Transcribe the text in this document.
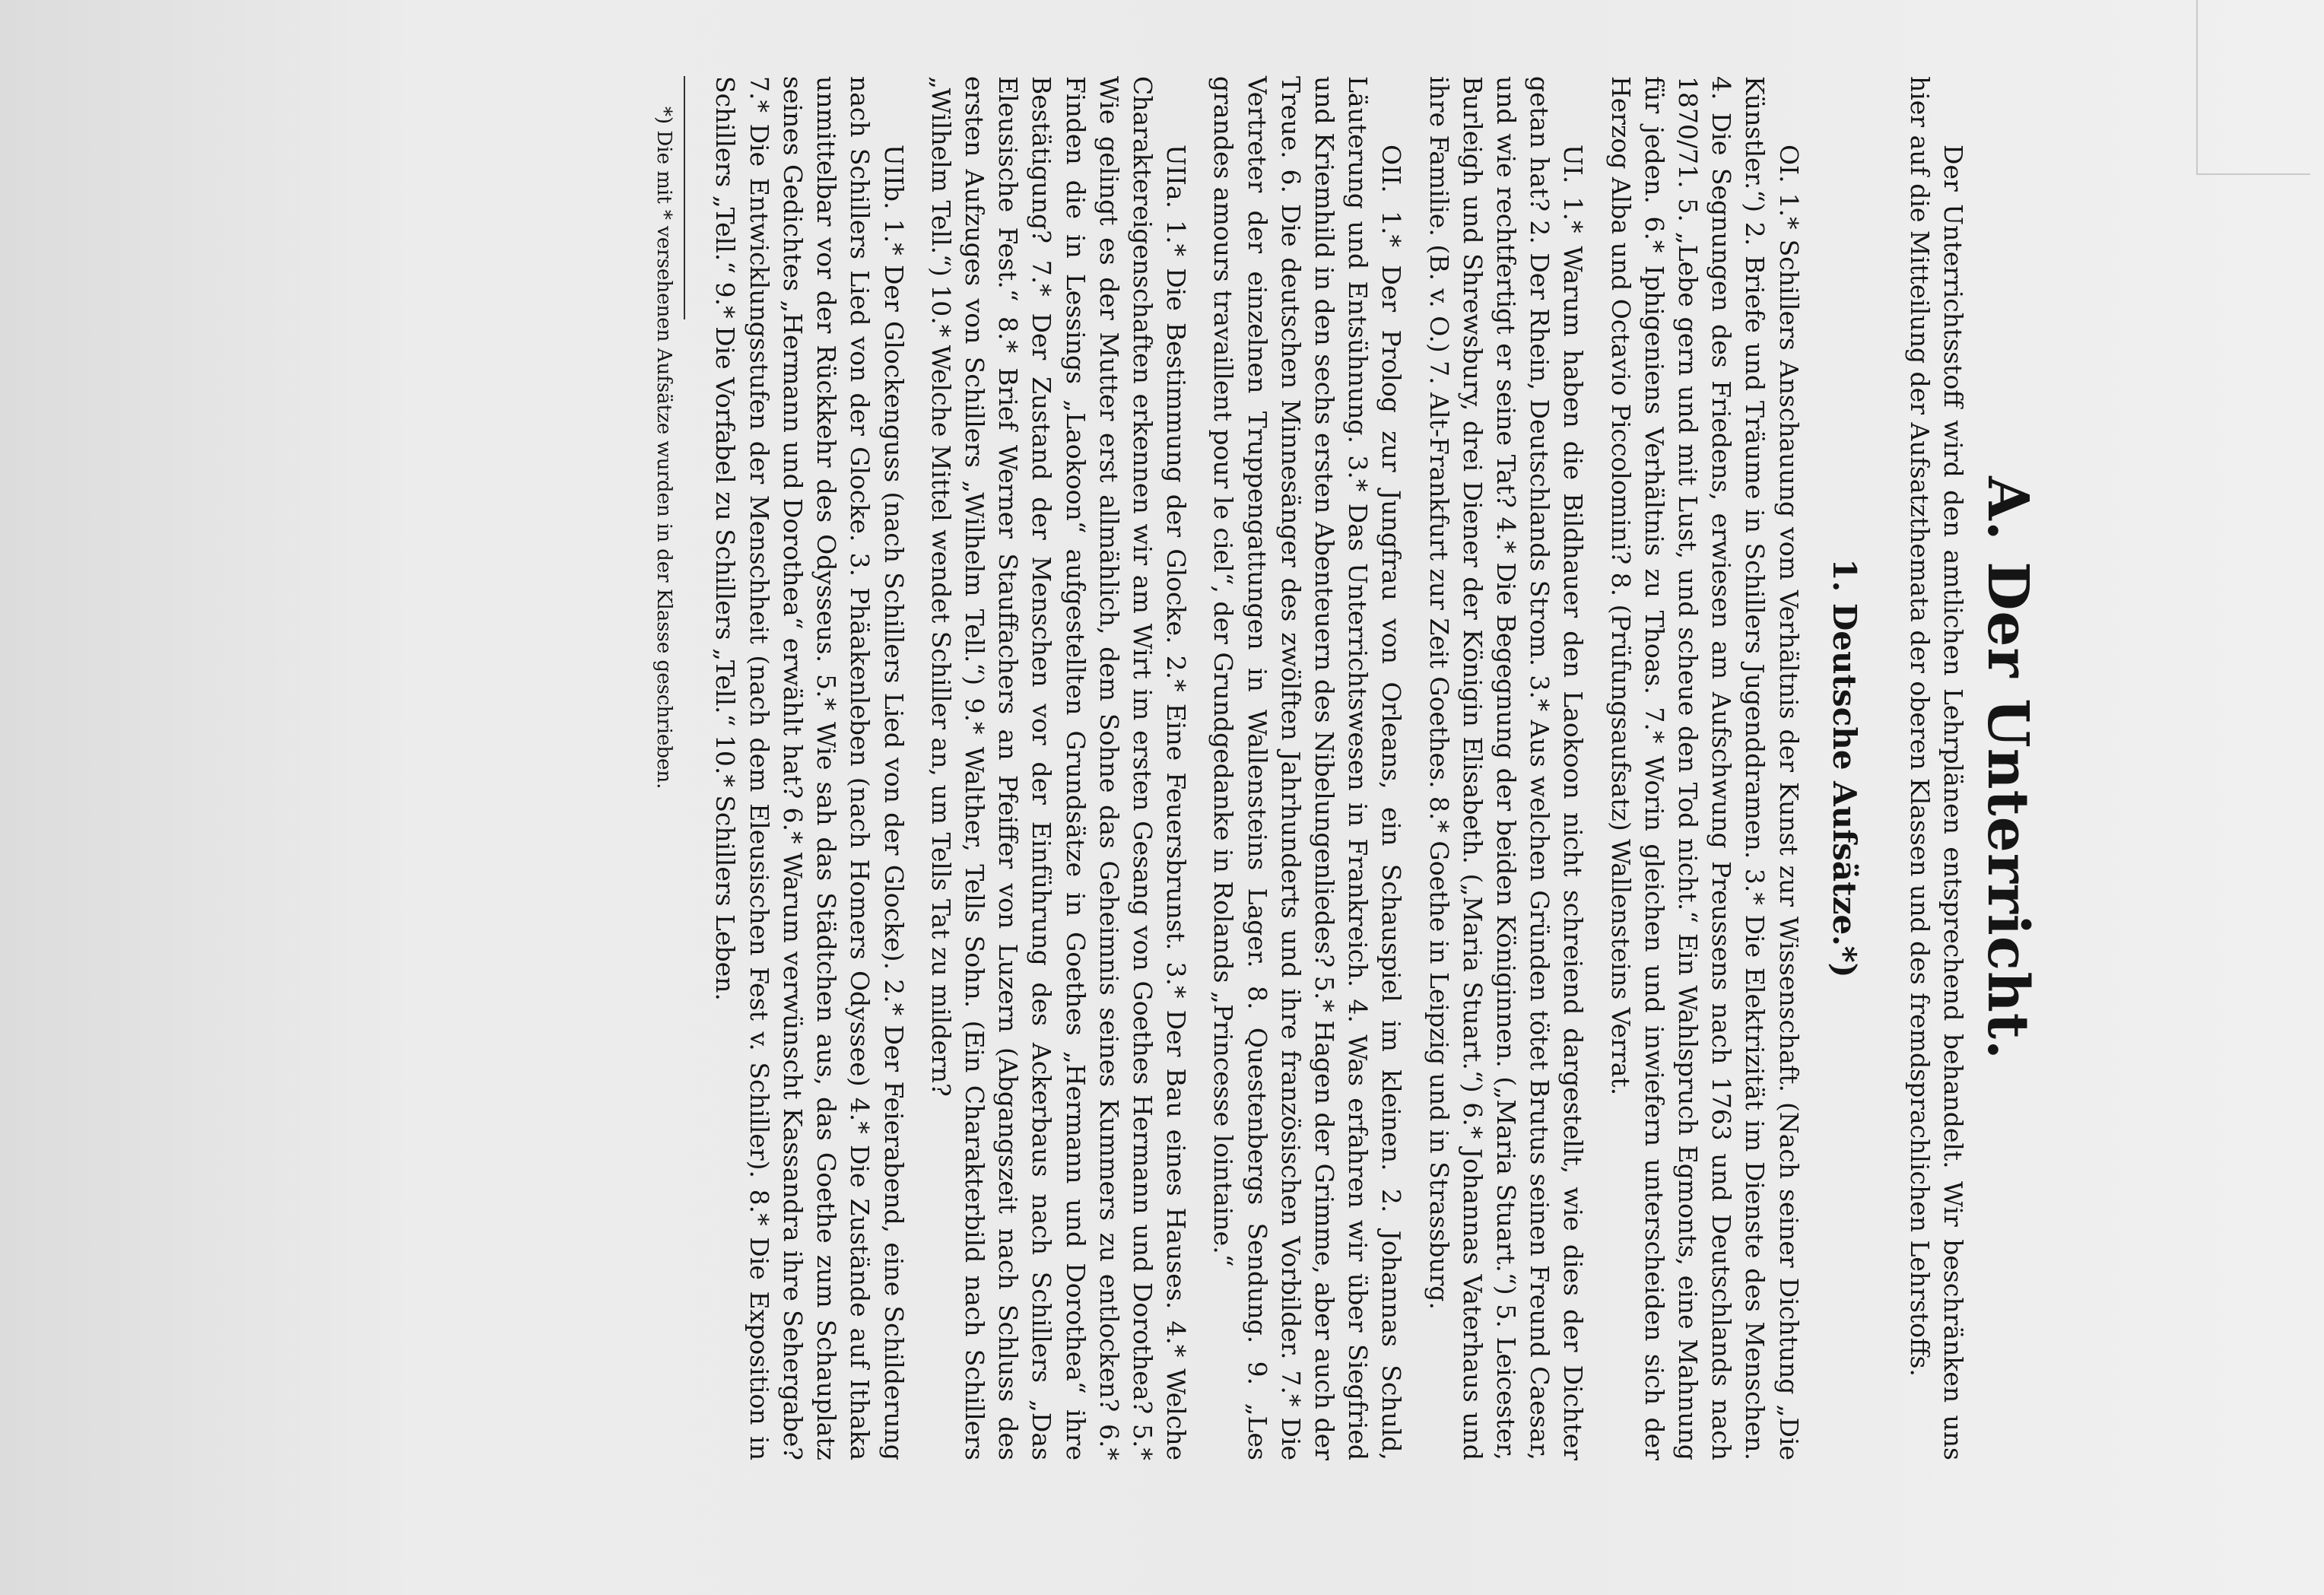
A. Der Unterricht.

Der Unterrichtsstoff wird den amtlichen Lehrplänen entsprechend behandelt. Wir beschränken uns hier auf die Mitteilung der Aufsatzthemata der oberen Klassen und des fremdsprachlichen Lehrstoffs.

1. Deutsche Aufsätze.*)

OI. 1.* Schillers Anschauung vom Verhältnis der Kunst zur Wissenschaft. (Nach seiner Dichtung „Die Künstler.“) 2. Briefe und Träume in Schillers Jugenddramen. 3.* Die Elektrizität im Dienste des Menschen. 4. Die Segnungen des Friedens, erwiesen am Aufschwung Preussens nach 1763 und Deutschlands nach 1870/71. 5. „Lebe gern und mit Lust, und scheue den Tod nicht.“ Ein Wahlspruch Egmonts, eine Mahnung für jeden. 6.* Iphigeniens Verhältnis zu Thoas. 7.* Worin gleichen und inwiefern unterscheiden sich der Herzog Alba und Octavio Piccolomini? 8. (Prüfungsaufsatz) Wallensteins Verrat.

UI. 1.* Warum haben die Bildhauer den Laokoon nicht schreiend dargestellt, wie dies der Dichter getan hat? 2. Der Rhein, Deutschlands Strom. 3.* Aus welchen Gründen tötet Brutus seinen Freund Caesar, und wie rechtfertigt er seine Tat? 4.* Die Begegnung der beiden Königinnen. („Maria Stuart.“) 5. Leicester, Burleigh und Shrewsbury, drei Diener der Königin Elisabeth. („Maria Stuart.“) 6.* Johannas Vaterhaus und ihre Familie. (B. v. O.) 7. Alt-Frankfurt zur Zeit Goethes. 8.* Goethe in Leipzig und in Strassburg.

OII. 1.* Der Prolog zur Jungfrau von Orleans, ein Schauspiel im kleinen. 2. Johannas Schuld, Läuterung und Entsühnung. 3.* Das Unterrichtswesen in Frankreich. 4. Was erfahren wir über Siegfried und Kriemhild in den sechs ersten Abenteuern des Nibelungenliedes? 5.* Hagen der Grimme, aber auch der Treue. 6. Die deutschen Minnesänger des zwölften Jahrhunderts und ihre französischen Vorbilder. 7.* Die Vertreter der einzelnen Truppengattungen in Wallensteins Lager. 8. Questenbergs Sendung. 9. „Les grandes amours travaillent pour le ciel“, der Grundgedanke in Rolands „Princesse lointaine.“

UIIa. 1.* Die Bestimmung der Glocke. 2.* Eine Feuersbrunst. 3.* Der Bau eines Hauses. 4.* Welche Charaktereigenschaften erkennen wir am Wirt im ersten Gesang von Goethes Hermann und Dorothea? 5.* Wie gelingt es der Mutter erst allmählich, dem Sohne das Geheimnis seines Kummers zu entlocken? 6.* Finden die in Lessings „Laokoon“ aufgestellten Grundsätze in Goethes „Hermann und Dorothea“ ihre Bestätigung? 7.* Der Zustand der Menschen vor der Einführung des Ackerbaus nach Schillers „Das Eleusische Fest.“ 8.* Brief Werner Stauffachers an Pfeiffer von Luzern (Abgangszeit nach Schluss des ersten Aufzuges von Schillers „Wilhelm Tell.“) 9.* Walther, Tells Sohn. (Ein Charakterbild nach Schillers „Wilhelm Tell.“) 10.* Welche Mittel wendet Schiller an, um Tells Tat zu mildern?

UIIb. 1.* Der Glockenguss (nach Schillers Lied von der Glocke). 2.* Der Feierabend, eine Schilderung nach Schillers Lied von der Glocke. 3. Phäakenleben (nach Homers Odyssee) 4.* Die Zustände auf Ithaka unmittelbar vor der Rückkehr des Odysseus. 5.* Wie sah das Städtchen aus, das Goethe zum Schauplatz seines Gedichtes „Hermann und Dorothea“ erwählt hat? 6.* Warum verwünscht Kassandra ihre Sehergabe? 7.* Die Entwicklungsstufen der Menschheit (nach dem Eleusischen Fest v. Schiller). 8.* Die Exposition in Schillers „Tell.“ 9.* Die Vorfabel zu Schillers „Tell.“ 10.* Schillers Leben.

*) Die mit * versehenen Aufsätze wurden in der Klasse geschrieben.
